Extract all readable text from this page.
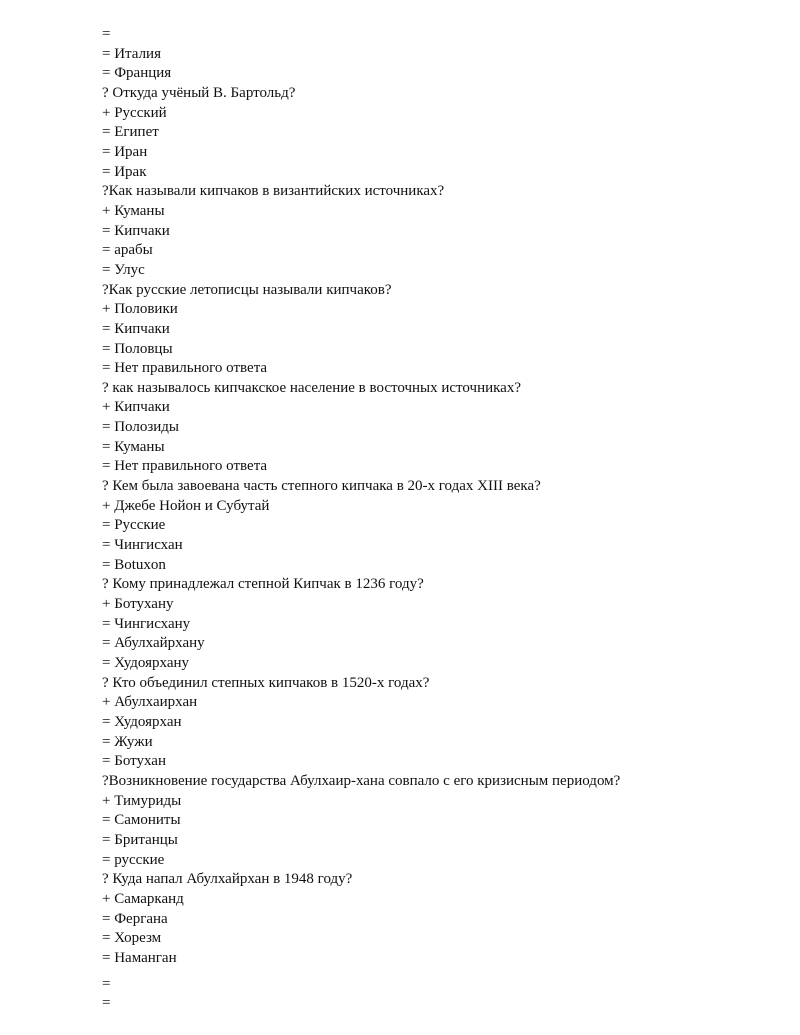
=
= Италия
= Франция
? Откуда учёный В. Бартольд?
+ Русский
= Египет
= Иран
= Ирак
?Как называли кипчаков в византийских источниках?
+ Куманы
= Кипчаки
= арабы
= Улус
?Как русские летописцы называли кипчаков?
+ Половики
= Кипчаки
= Половцы
= Нет правильного ответа
? как называлось кипчакское население в восточных источниках?
+ Кипчаки
= Полозиды
= Куманы
= Нет правильного ответа
? Кем была завоевана часть степного кипчака в 20-х годах XIII века?
+ Джебе Нойон и Субутай
= Русские
= Чингисхан
= Botuxon
? Кому принадлежал степной Кипчак в 1236 году?
+ Ботухану
= Чингисхану
= Абулхайрхану
= Худоярхану
? Кто объединил степных кипчаков в 1520-х годах?
+ Абулхаирхан
= Худоярхан
= Жужи
= Ботухан
?Возникновение государства Абулхаир-хана совпало с его кризисным периодом?
+ Тимуриды
= Самониты
= Британцы
= русские
? Куда напал Абулхайрхан в 1948 году?
+ Самарканд
= Фергана
= Хорезм
= Наманган
=
=
